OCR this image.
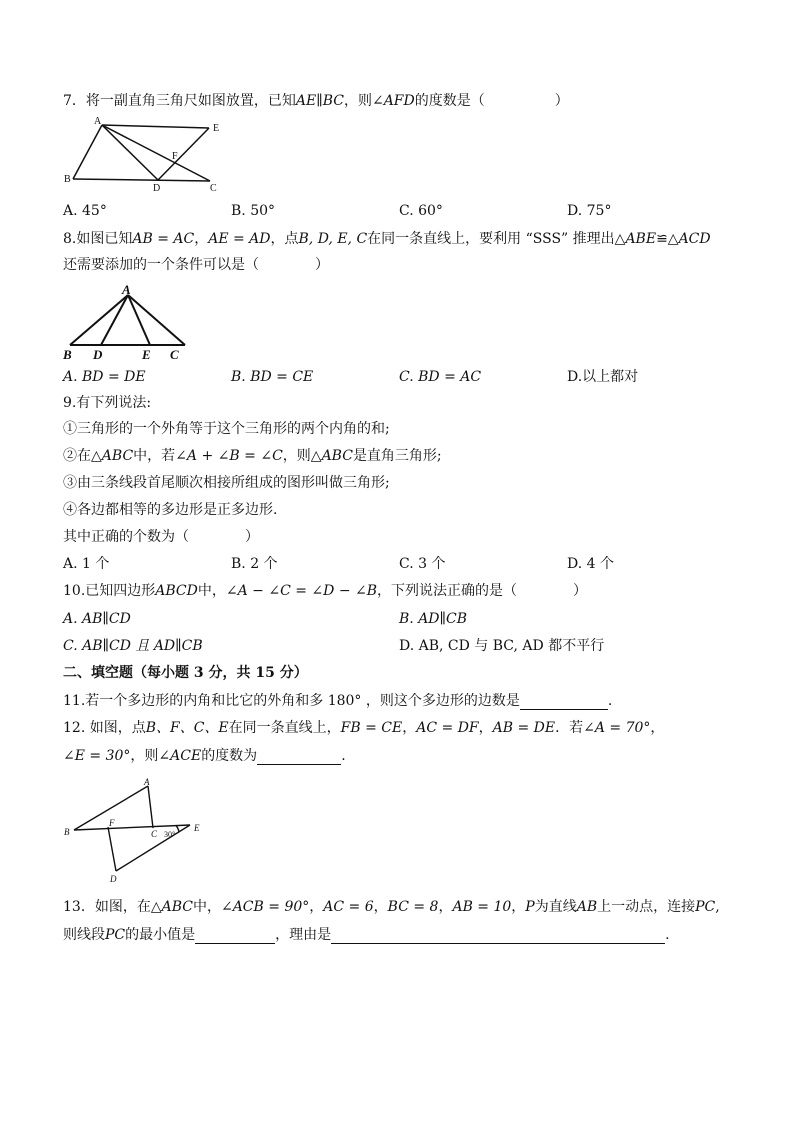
7．将一副直角三角尺如图放置，已知AE∥BC，则∠AFD的度数是（　　　　　）
A
E
F
B
D	C
A. 45°	B. 50°	C. 60°	D. 75°
8.如图已知AB = AC，AE = AD，点B, D, E, C在同一条直线上，要利用 “SSS” 推理出△ABE≌△ACD
还需要添加的一个条件可以是（　　　　）
A
B D	E C
A. BD = DE	B. BD = CE	C. BD = AC	D.以上都对
9.有下列说法:
①三角形的一个外角等于这个三角形的两个内角的和;
②在△ABC中，若∠A + ∠B = ∠C，则△ABC是直角三角形;
③由三条线段首尾顺次相接所组成的图形叫做三角形;
④各边都相等的多边形是正多边形.
其中正确的个数为（　　　　）
A. 1 个	B. 2 个	C. 3 个	D. 4 个
10.已知四边形ABCD中，∠A − ∠C = ∠D − ∠B，下列说法正确的是（　　　　）
A. AB∥CD	B. AD∥CB
C. AB∥CD 且 AD∥CB	D. AB, CD 与 BC, AD 都不平行
二、填空题（每小题 3 分，共 15 分）
11.若一个多边形的内角和比它的外角和多 180° ，则这个多边形的边数是	.
12. 如图，点B、F、C、E在同一条直线上，FB = CE，AC = DF，AB = DE．若∠A = 70°，
∠E = 30°，则∠ACE的度数为	.
A
B
F
C 30°
E
D
13．如图，在△ABC中，∠ACB = 90°，AC = 6，BC = 8，AB = 10，P为直线AB上一动点，连接PC,
则线段PC的最小值是	，理由是	.
